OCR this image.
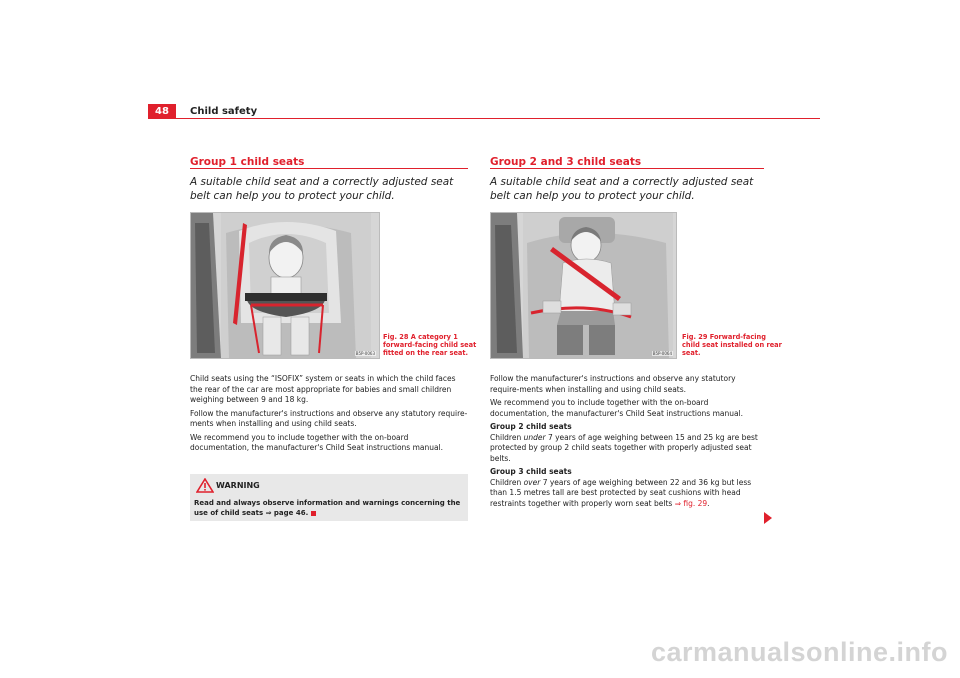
48	Child safety
Group 1 child seats
A suitable child seat and a correctly adjusted seat belt can help you to protect your child.
B5P-0063
Fig. 28 A category 1
forward-facing child seat
fitted on the rear seat.

Child seats using the “ISOFIX” system or seats in which the child faces the rear of the car are most appropriate for babies and small children weighing between 9 and 18 kg.

Follow the manufacturer's instructions and observe any statutory require-ments when installing and using child seats.

We recommend you to include together with the on-board documentation, the manufacturer's Child Seat instructions manual.

WARNING
Read and always observe information and warnings concerning the use of child seats ⇒ page 46.
Group 2 and 3 child seats
A suitable child seat and a correctly adjusted seat belt can help you to protect your child.
B5P-0064
Fig. 29 Forward-facing
child seat installed on rear
seat.

Follow the manufacturer's instructions and observe any statutory require-ments when installing and using child seats.

We recommend you to include together with the on-board documentation, the manufacturer's Child Seat instructions manual.

Group 2 child seats

Children under 7 years of age weighing between 15 and 25 kg are best protected by group 2 child seats together with properly adjusted seat belts.

Group 3 child seats

Children over 7 years of age weighing between 22 and 36 kg but less than 1.5 metres tall are best protected by seat cushions with head restraints together with properly worn seat belts ⇒ fig. 29.

carmanualsonline.info
